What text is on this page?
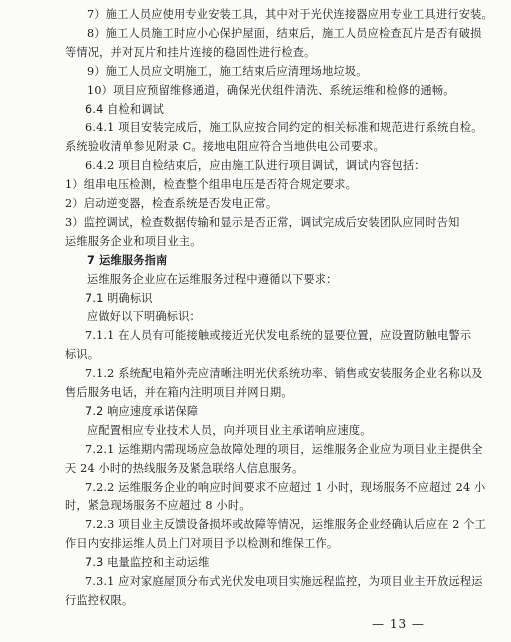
7）施工人员应使用专业安装工具，其中对于光伏连接器应用专业工具进行安装。
8）施工人员施工时应小心保护屋面，结束后，施工人员应检查瓦片是否有破损
等情况，并对瓦片和挂片连接的稳固性进行检查。
9）施工人员应文明施工，施工结束后应清理场地垃圾。
10）项目应预留维修通道，确保光伏组件清洗、系统运维和检修的通畅。
6.4 自检和调试
6.4.1 项目安装完成后，施工队应按合同约定的相关标准和规范进行系统自检。
系统验收清单参见附录 C。接地电阻应符合当地供电公司要求。
6.4.2 项目自检结束后，应由施工队进行项目调试，调试内容包括：
1）组串电压检测，检查整个组串电压是否符合规定要求。
2）启动逆变器，检查系统是否发电正常。
3）监控调试，检查数据传输和显示是否正常，调试完成后安装团队应同时告知
运维服务企业和项目业主。
7 运维服务指南
运维服务企业应在运维服务过程中遵循以下要求：
7.1 明确标识
应做好以下明确标识：
7.1.1 在人员有可能接触或接近光伏发电系统的显要位置，应设置防触电警示
标识。
7.1.2 系统配电箱外壳应清晰注明光伏系统功率、销售或安装服务企业名称以及
售后服务电话，并在箱内注明项目并网日期。
7.2 响应速度承诺保障
应配置相应专业技术人员，向并项目业主承诺响应速度。
7.2.1 运维期内需现场应急故障处理的项目，运维服务企业应为项目业主提供全
天 24 小时的热线服务及紧急联络人信息服务。
7.2.2 运维服务企业的响应时间要求不应超过 1 小时，现场服务不应超过 24 小
时，紧急现场服务不应超过 8 小时。
7.2.3 项目业主反馈设备损坏或故障等情况，运维服务企业经确认后应在 2 个工
作日内安排运维人员上门对项目予以检测和维保工作。
7.3 电量监控和主动运维
7.3.1 应对家庭屋顶分布式光伏发电项目实施远程监控，为项目业主开放远程运
行监控权限。
— 13 —
